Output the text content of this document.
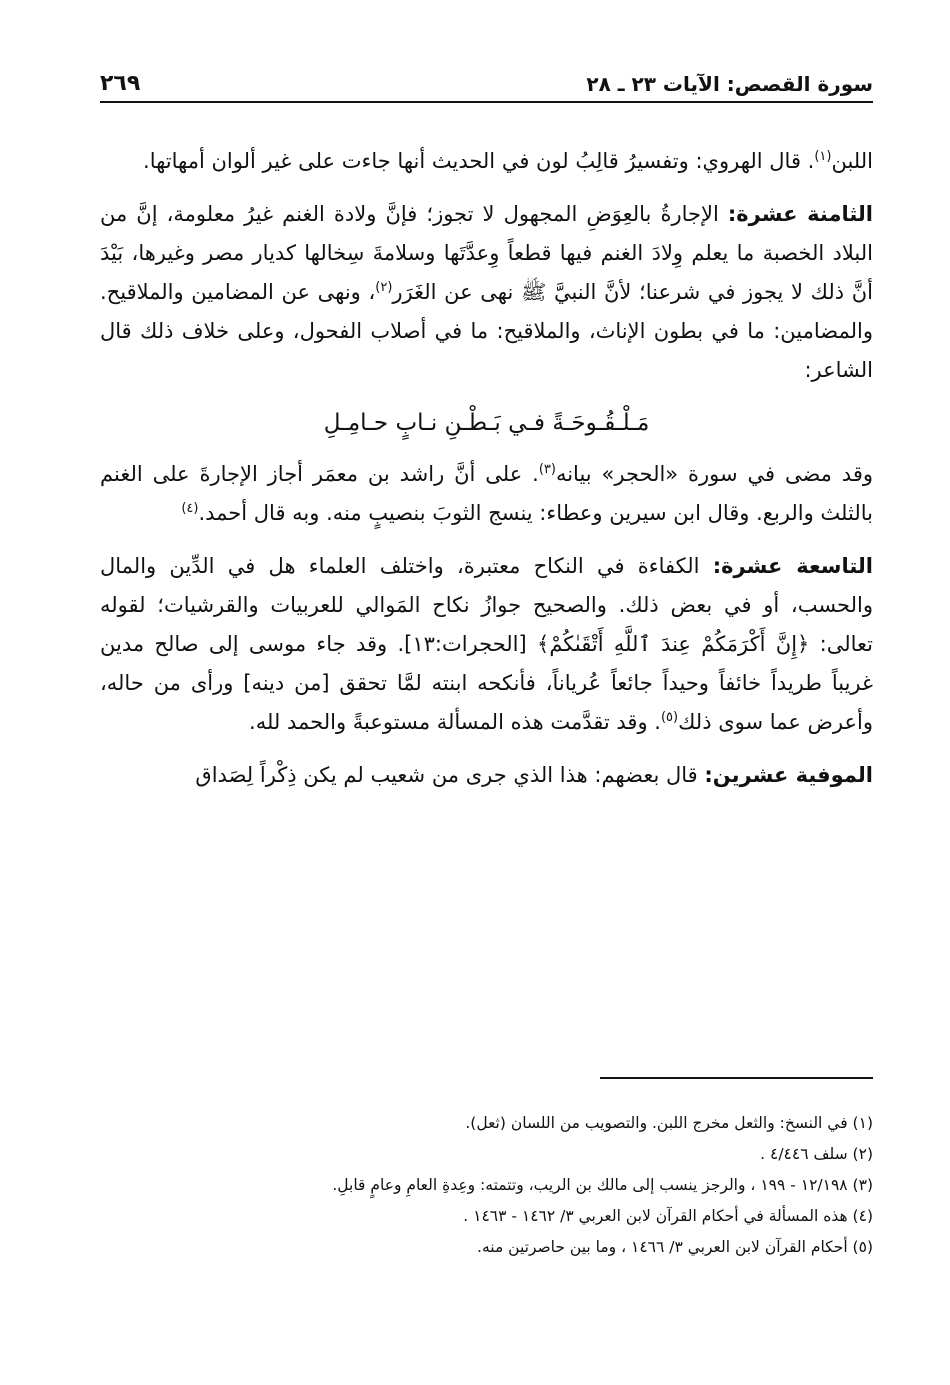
سورة القصص: الآيات ٢٣ ـ ٢٨
٢٦٩

اللبن$^{(١)}$. قال الهروي: وتفسيرُ قالِبُ لون في الحديث أنها جاءت على غير ألوان أمهاتها.

الثامنة عشرة: الإجارةُ بالعِوَضِ المجهول لا تجوز؛ فإنَّ ولادة الغنم غيرُ معلومة، إنَّ من البلاد الخصبة ما يعلم وِلادَ الغنم فيها قطعاً وِعدَّتَها وسلامةَ سِخالها كديار مصر وغيرها، بَيْدَ أنَّ ذلك لا يجوز في شرعنا؛ لأنَّ النبيَّ ﷺ نهى عن الغَرَر$^{(٢)}$، ونهى عن المضامين والملاقيح. والمضامين: ما في بطون الإناث، والملاقيح: ما في أصلاب الفحول، وعلى خلاف ذلك قال الشاعر:

مَـلْـقُـوحَـةً فـي بَـطْـنِ نـابٍ حـامِـلِ

وقد مضى في سورة «الحجر» بيانه$^{(٣)}$. على أنَّ راشد بن معمَر أجاز الإجارةَ على الغنم بالثلث والربع. وقال ابن سيرين وعطاء: ينسج الثوبَ بنصيبٍ منه. وبه قال أحمد.$^{(٤)}$

التاسعة عشرة: الكفاءة في النكاح معتبرة، واختلف العلماء هل في الدِّين والمال والحسب، أو في بعض ذلك. والصحيح جوازُ نكاح المَوالي للعربيات والقرشيات؛ لقوله تعالى: ﴿إِنَّ أَكْرَمَكُمْ عِندَ ٱللَّهِ أَتْقَىٰكُمْ﴾ [الحجرات:١٣]. وقد جاء موسى إلى صالح مدين غريباً طريداً خائفاً وحيداً جائعاً عُرياناً، فأنكحه ابنته لمَّا تحقق [من دينه] ورأى من حاله، وأعرض عما سوى ذلك$^{(٥)}$. وقد تقدَّمت هذه المسألة مستوعبةً والحمد لله.

الموفية عشرين: قال بعضهم: هذا الذي جرى من شعيب لم يكن ذِكْراً لِصَداق

(١) في النسخ: والثعل مخرج اللبن. والتصويب من اللسان (ثعل).
(٢) سلف ٤/٤٤٦ .
(٣) ١٢/١٩٨ - ١٩٩ ، والرجز ينسب إلى مالك بن الريب، وتتمته: وعِدةِ العامِ وعامٍ قابلِ.
(٤) هذه المسألة في أحكام القرآن لابن العربي ٣/ ١٤٦٢ - ١٤٦٣ .
(٥) أحكام القرآن لابن العربي ٣/ ١٤٦٦ ، وما بين حاصرتين منه.
